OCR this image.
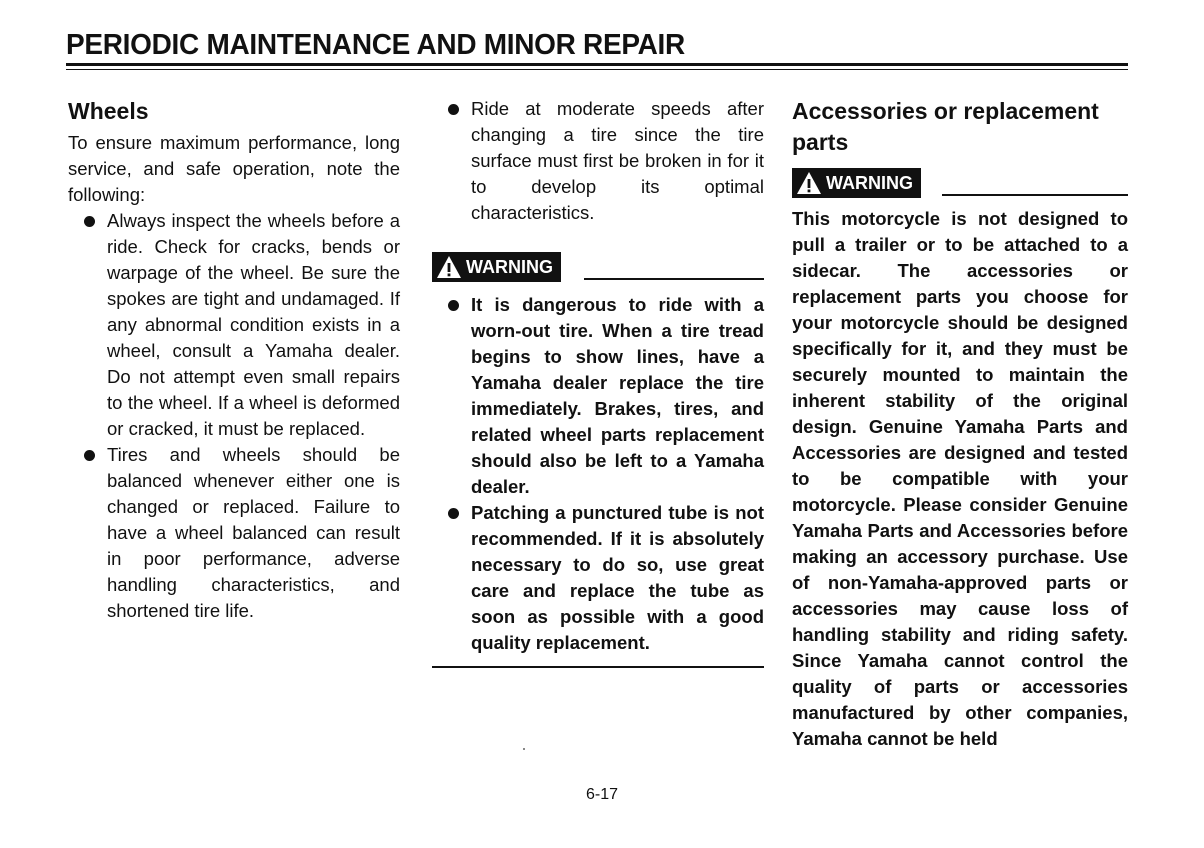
PERIODIC MAINTENANCE AND MINOR REPAIR
Wheels

To ensure maximum performance, long service, and safe operation, note the following:

Always inspect the wheels before a ride. Check for cracks, bends or warpage of the wheel. Be sure the spokes are tight and undamaged. If any abnormal condition exists in a wheel, consult a Yamaha dealer. Do not attempt even small repairs to the wheel. If a wheel is deformed or cracked, it must be replaced.
Tires and wheels should be balanced whenever either one is changed or replaced. Failure to have a wheel balanced can result in poor performance, adverse handling characteristics, and shortened tire life.
Ride at moderate speeds after changing a tire since the tire surface must first be broken in for it to develop its optimal characteristics.
WARNING
It is dangerous to ride with a worn-out tire. When a tire tread begins to show lines, have a Yamaha dealer replace the tire immediately. Brakes, tires, and related wheel parts replacement should also be left to a Yamaha dealer.
Patching a punctured tube is not recommended. If it is absolutely necessary to do so, use great care and replace the tube as soon as possible with a good quality replacement.
Accessories or replacement parts
WARNING

This motorcycle is not designed to pull a trailer or to be attached to a sidecar. The accessories or replacement parts you choose for your motorcycle should be designed specifically for it, and they must be securely mounted to maintain the inherent stability of the original design. Genuine Yamaha Parts and Accessories are designed and tested to be compatible with your motorcycle. Please consider Genuine Yamaha Parts and Accessories before making an accessory purchase. Use of non-Yamaha-approved parts or accessories may cause loss of handling stability and riding safety. Since Yamaha cannot control the quality of parts or accessories manufactured by other companies, Yamaha cannot be held

6-17
